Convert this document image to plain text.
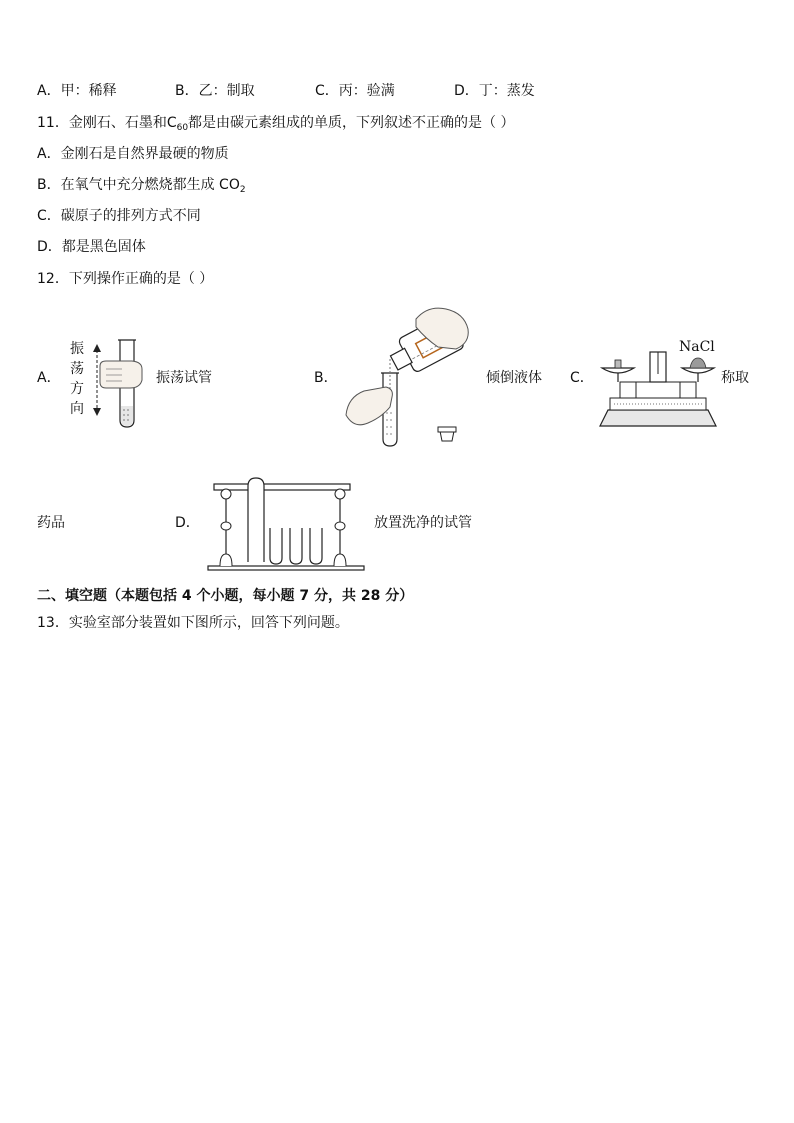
A．甲：稀释	B．乙：制取	C．丙：验满	D．丁：蒸发
11．金刚石、石墨和$C_{60}$都是由碳元素组成的单质，下列叙述不正确的是（ ）
A．金刚石是自然界最硬的物质
B．在氧气中充分燃烧都生成 $CO_2$
C．碳原子的排列方式不同
D．都是黑色固体
12．下列操作正确的是（ ）
A．
振
荡
方
向
振荡试管	B．	倾倒液体 C．
NaCl
称取
药品	D．	放置洗净的试管
二、填空题（本题包括 4 个小题，每小题 7 分，共 28 分）
13．实验室部分装置如下图所示，回答下列问题。
